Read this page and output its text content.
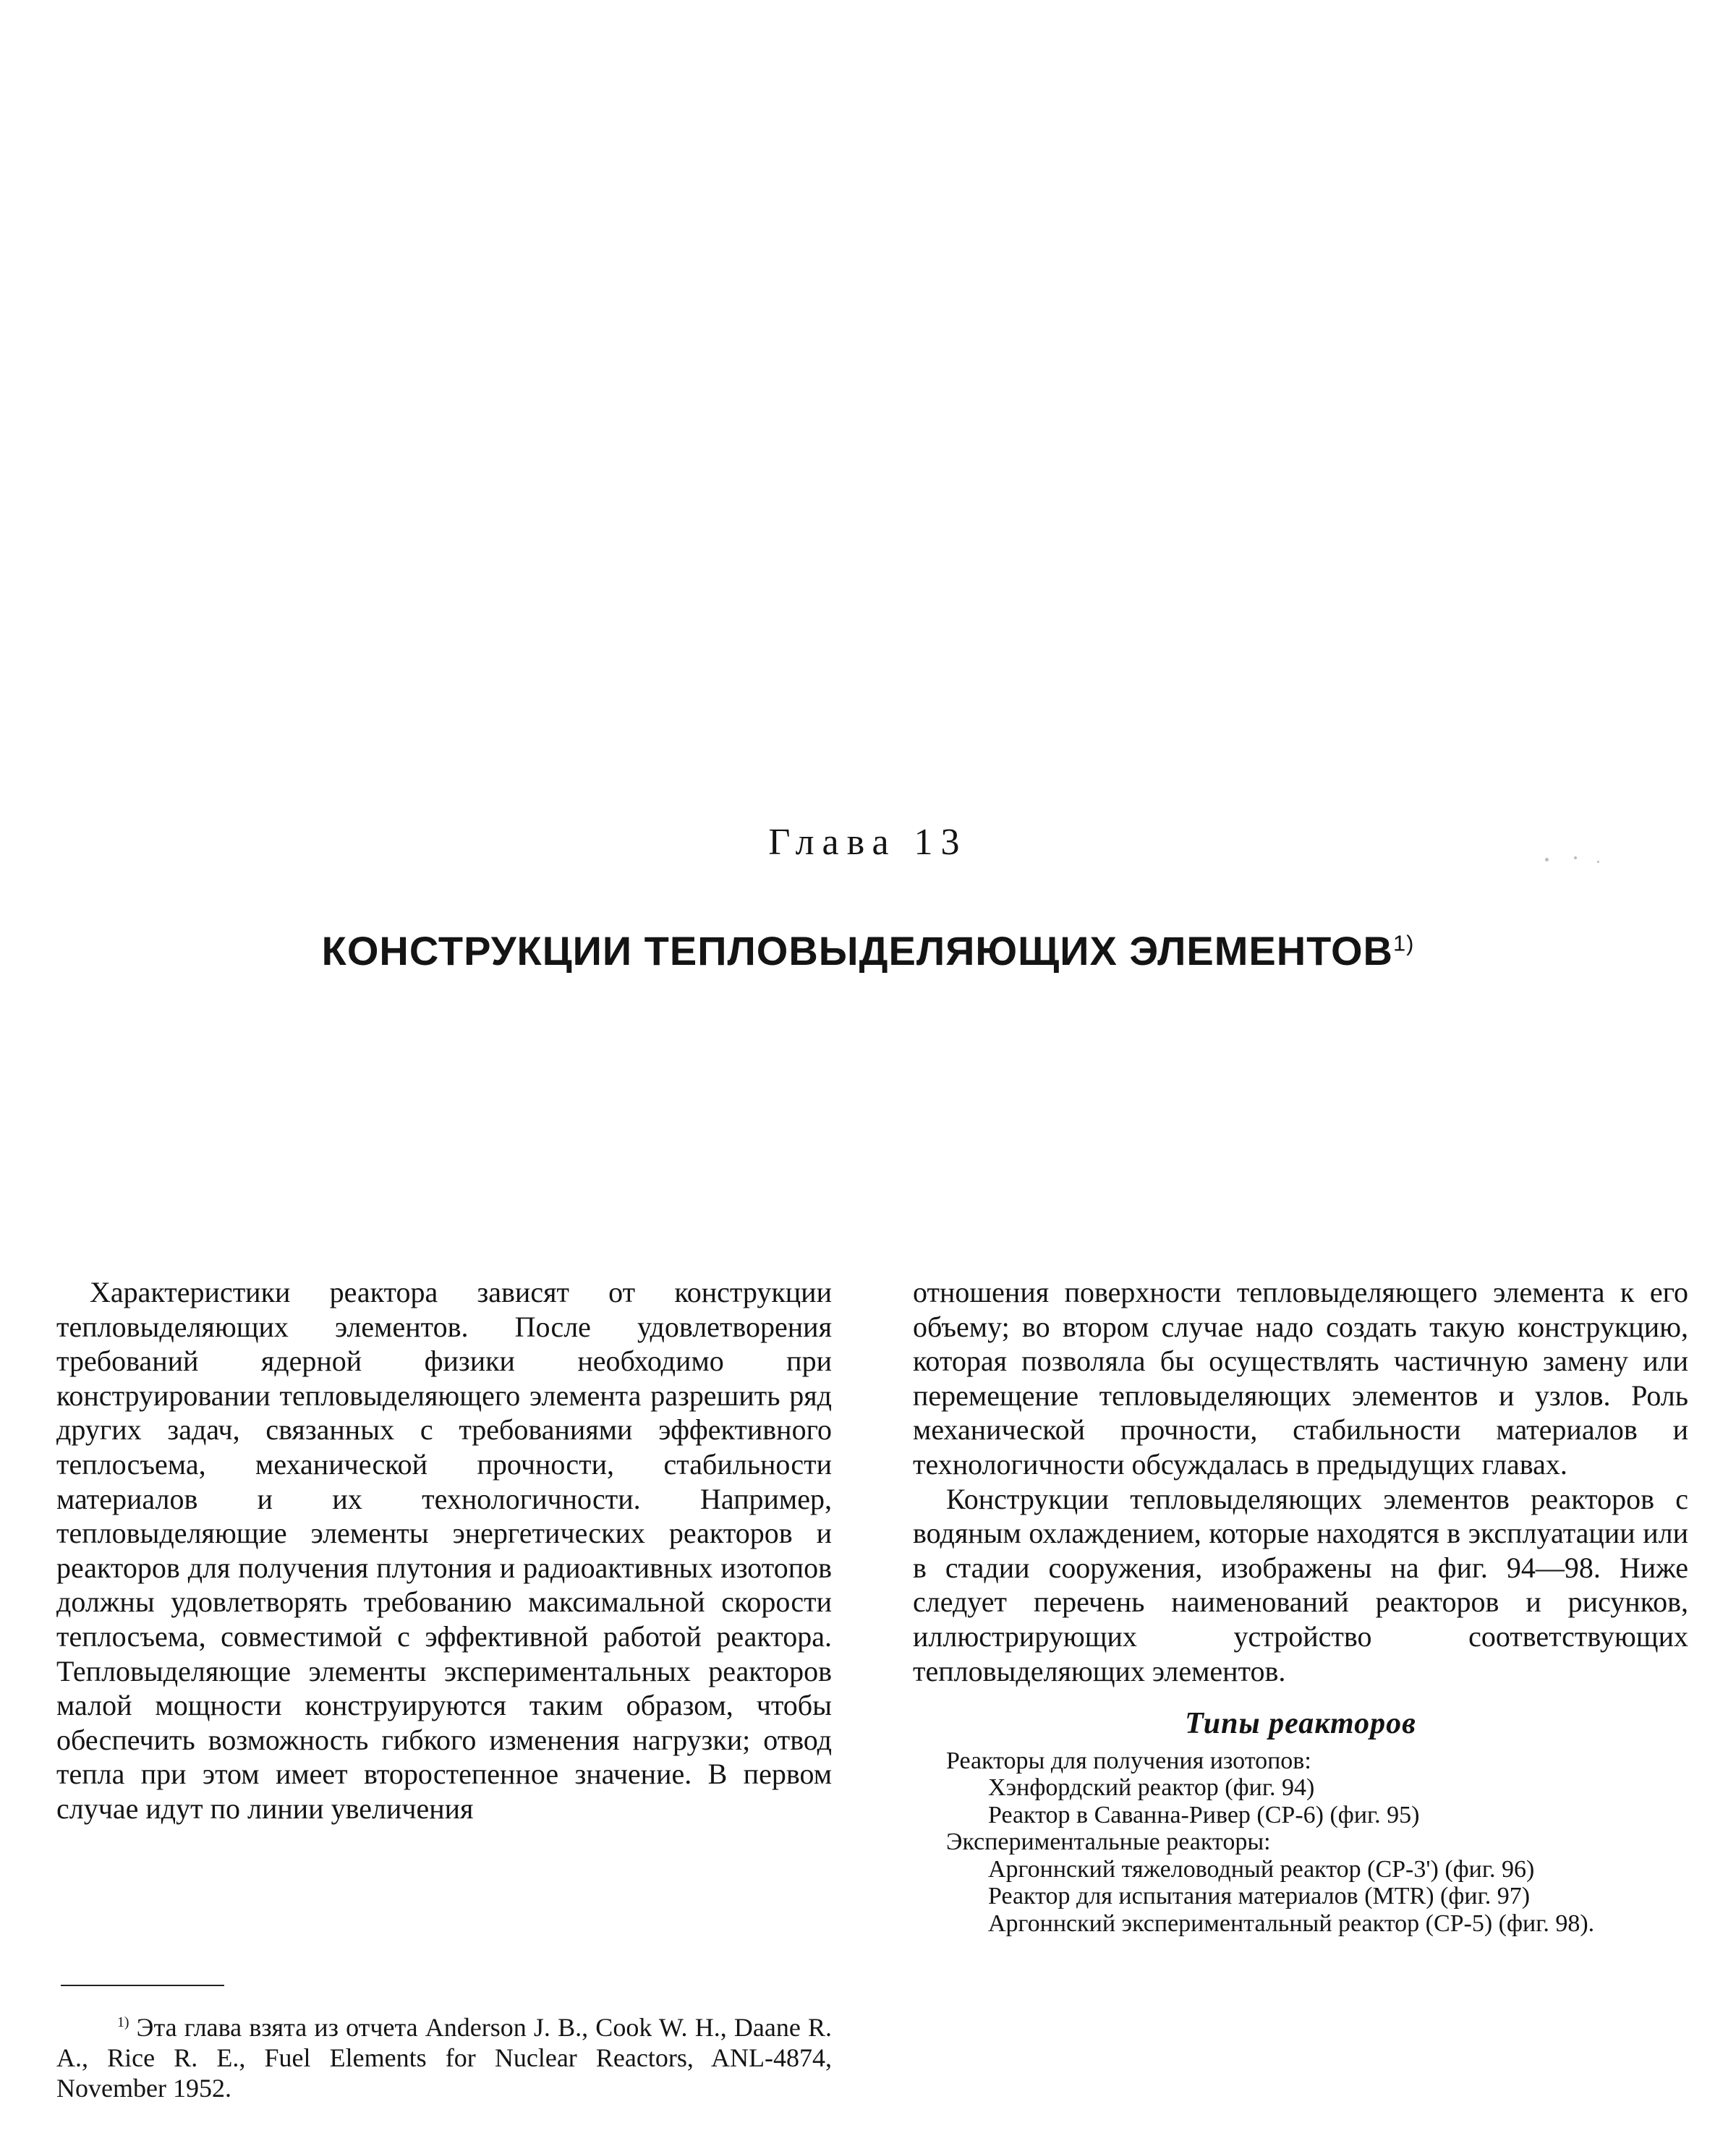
Глава 13
КОНСТРУКЦИИ ТЕПЛОВЫДЕЛЯЮЩИХ ЭЛЕМЕНТОВ$^{1)}$

Характеристики реактора зависят от конструкции тепловыделяющих элементов. После удовлетворения требований ядерной физики необходимо при конструировании тепловыделяющего элемента разрешить ряд других задач, связанных с требованиями эффективного теплосъема, механической прочности, стабильности материалов и их технологичности. Например, тепловыделяющие элементы энергетических реакторов и реакторов для получения плутония и радиоактивных изотопов должны удовлетворять требованию максимальной скорости теплосъема, совместимой с эффективной работой реактора. Тепловыделяющие элементы экспериментальных реакторов малой мощности конструируются таким образом, чтобы обеспечить возможность гибкого изменения нагрузки; отвод тепла при этом имеет второстепенное значение. В первом случае идут по линии увеличения

отношения поверхности тепловыделяющего элемента к его объему; во втором случае надо создать такую конструкцию, которая позволяла бы осуществлять частичную замену или перемещение тепловыделяющих элементов и узлов. Роль механической прочности, стабильности материалов и технологичности обсуждалась в предыдущих главах.

Конструкции тепловыделяющих элементов реакторов с водяным охлаждением, которые находятся в эксплуатации или в стадии сооружения, изображены на фиг. 94—98. Ниже следует перечень наименований реакторов и рисунков, иллюстрирующих устройство соответствующих тепловыделяющих элементов.

Типы реакторов
Реакторы для получения изотопов:
Хэнфордский реактор (фиг. 94)
Реактор в Саванна-Ривер (СР-6) (фиг. 95)
Экспериментальные реакторы:
Аргоннский тяжеловодный реактор (СР-3') (фиг. 96)
Реактор для испытания материалов (MTR) (фиг. 97)
Аргоннский экспериментальный реактор (СР-5) (фиг. 98).
$^{1)}$ Эта глава взята из отчета Anderson J. B., Cook W. H., Daane R. A., Rice R. E., Fuel Elements for Nuclear Reactors, ANL-4874, November 1952.
